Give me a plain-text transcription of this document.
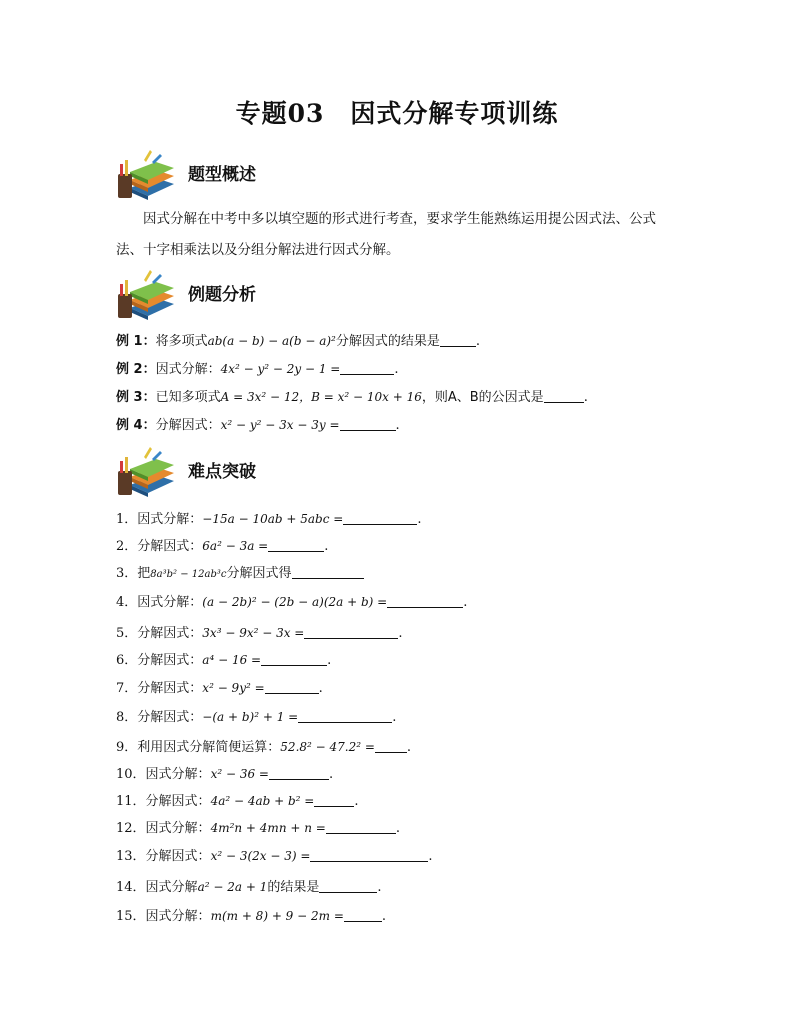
专题03　因式分解专项训练
题型概述
因式分解在中考中多以填空题的形式进行考查，要求学生能熟练运用提公因式法、公式法、十字相乘法以及分组分解法进行因式分解。
例题分析
例 1：将多项式ab(a − b) − a(b − a)²分解因式的结果是	.
例 2：因式分解：4x² − y² − 2y − 1 =	.
例 3：已知多项式A = 3x² − 12，B = x² − 10x + 16，则A、B的公因式是	.
例 4：分解因式：x² − y² − 3x − 3y =	.
难点突破
1．因式分解：−15a − 10ab + 5abc =	.
2．分解因式：6a² − 3a =	.
3．把8a³b² − 12ab³c分解因式得
4．因式分解：(a − 2b)² − (2b − a)(2a + b) =	.
5．分解因式：3x³ − 9x² − 3x =	.
6．分解因式：a⁴ − 16 =	.
7．分解因式：x² − 9y² =	.
8．分解因式：−(a + b)² + 1 =	.
9．利用因式分解简便运算：52.8² − 47.2² = .
10．因式分解：x² − 36 =	.
11．分解因式：4a² − 4ab + b² =	.
12．因式分解：4m²n + 4mn + n =	.
13．分解因式：x² − 3(2x − 3) =	.
14．因式分解a² − 2a + 1的结果是	.
15．因式分解：m(m + 8) + 9 − 2m =	.
